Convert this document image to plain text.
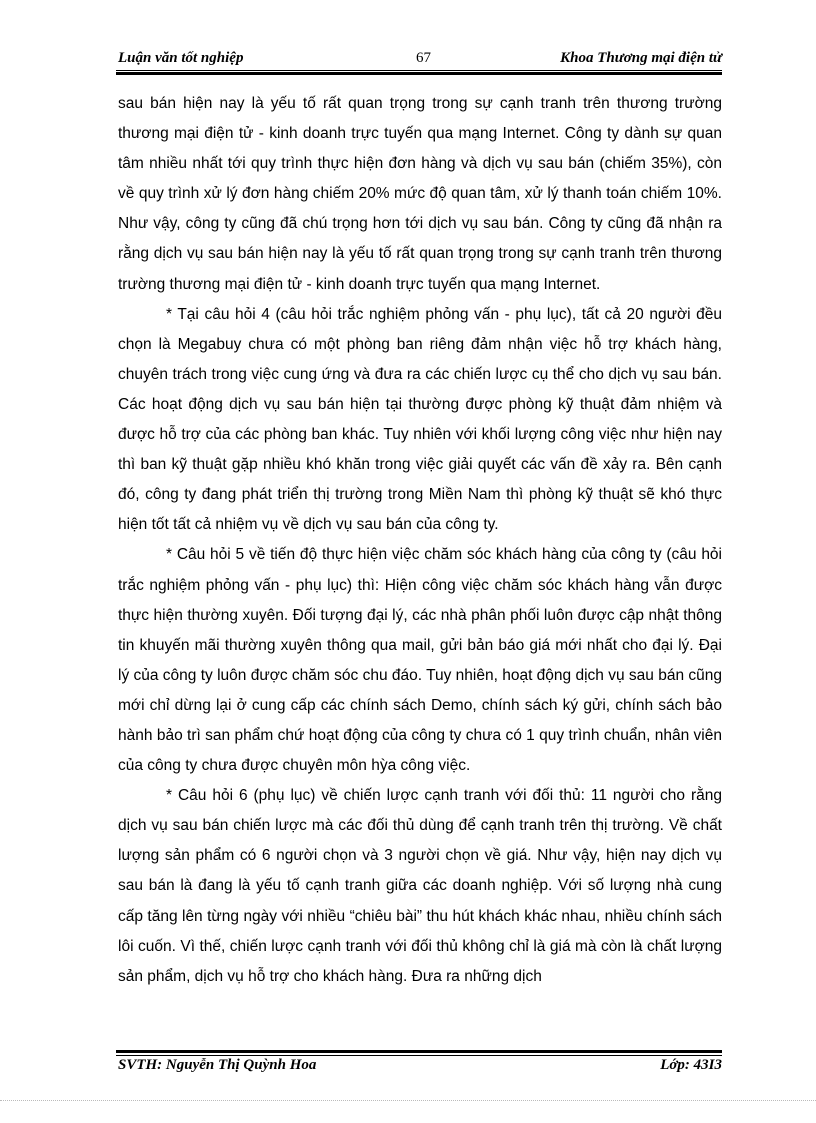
Luận văn tốt nghiệp	67	Khoa Thương mại điện tử

sau bán hiện nay là yếu tố rất quan trọng trong sự cạnh tranh trên thương trường thương mại điện tử - kinh doanh trực tuyến qua mạng Internet. Công ty dành sự quan tâm nhiều nhất tới quy trình thực hiện đơn hàng và dịch vụ sau bán (chiếm 35%), còn về quy trình xử lý đơn hàng chiếm 20% mức độ quan tâm, xử lý thanh toán chiếm 10%. Như vậy, công ty cũng đã chú trọng hơn tới dịch vụ sau bán. Công ty cũng đã nhận ra rằng dịch vụ sau bán hiện nay là yếu tố rất quan trọng trong sự cạnh tranh trên thương trường thương mại điện tử - kinh doanh trực tuyến qua mạng Internet.

* Tại câu hỏi 4 (câu hỏi trắc nghiệm phỏng vấn - phụ lục), tất cả 20 người đều chọn là Megabuy chưa có một phòng ban riêng đảm nhận việc hỗ trợ khách hàng, chuyên trách trong việc cung ứng và đưa ra các chiến lược cụ thể cho dịch vụ sau bán. Các hoạt động dịch vụ sau bán hiện tại thường được phòng kỹ thuật đảm nhiệm và được hỗ trợ của các phòng ban khác. Tuy nhiên với khối lượng công việc như hiện nay thì ban kỹ thuật gặp nhiều khó khăn trong việc giải quyết các vấn đề xảy ra. Bên cạnh đó, công ty đang phát triển thị trường trong Miền Nam thì phòng kỹ thuật sẽ khó thực hiện tốt tất cả nhiệm vụ về dịch vụ sau bán của công ty.

* Câu hỏi 5 về tiến độ thực hiện việc chăm sóc khách hàng của công ty (câu hỏi trắc nghiệm phỏng vấn - phụ lục) thì: Hiện công việc chăm sóc khách hàng vẫn được thực hiện thường xuyên. Đối tượng đại lý, các nhà phân phối luôn được cập nhật thông tin khuyến mãi thường xuyên thông qua mail, gửi bản báo giá mới nhất cho đại lý. Đại lý của công ty luôn được chăm sóc chu đáo. Tuy nhiên, hoạt động dịch vụ sau bán cũng mới chỉ dừng lại ở cung cấp các chính sách Demo, chính sách ký gửi, chính sách bảo hành bảo trì san phẩm chứ hoạt động của công ty chưa có 1 quy trình chuẩn, nhân viên của công ty chưa được chuyên môn hỳa công việc.

* Câu hỏi 6 (phụ lục) về chiến lược cạnh tranh với đối thủ: 11 người cho rằng dịch vụ sau bán chiến lược mà các đối thủ dùng để cạnh tranh trên thị trường. Về chất lượng sản phẩm có 6 người chọn và 3 người chọn về giá. Như vậy, hiện nay dịch vụ sau bán là đang là yếu tố cạnh tranh giữa các doanh nghiệp. Với số lượng nhà cung cấp tăng lên từng ngày với nhiều “chiêu bài” thu hút khách khác nhau, nhiều chính sách lôi cuốn. Vì thế, chiến lược cạnh tranh với đối thủ không chỉ là giá mà còn là chất lượng sản phẩm, dịch vụ hỗ trợ cho khách hàng. Đưa ra những dịch

SVTH: Nguyễn Thị Quỳnh Hoa	Lớp: 43I3
